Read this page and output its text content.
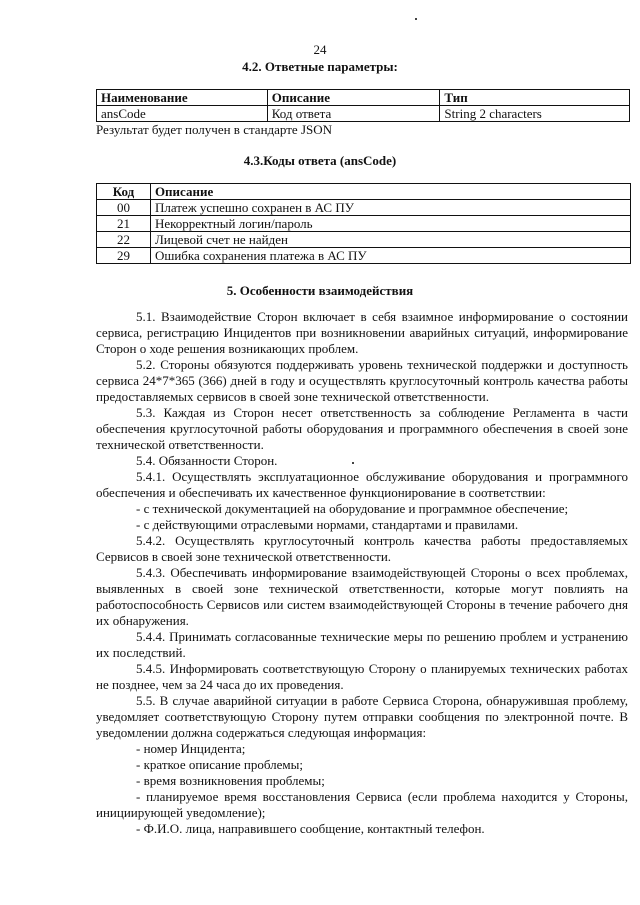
24
4.2. Ответные параметры:
Наименование	Описание	Тип
ansCode	Код ответа	String 2 characters
Результат будет получен в стандарте JSON
4.3.Коды ответа (ansCode)
Код	Описание
00	Платеж успешно сохранен в АС ПУ
21	Некорректный логин/пароль
22	Лицевой счет не найден
29	Ошибка сохранения платежа в АС ПУ
5. Особенности взаимодействия

5.1. Взаимодействие Сторон включает в себя взаимное информирование о состоянии сервиса, регистрацию Инцидентов при возникновении аварийных ситуаций, информирование Сторон о ходе решения возникающих проблем.

5.2. Стороны обязуются поддерживать уровень технической поддержки и доступность сервиса 24*7*365 (366) дней в году и осуществлять круглосуточный контроль качества работы предоставляемых сервисов в своей зоне технической ответственности.

5.3. Каждая из Сторон несет ответственность за соблюдение Регламента в части обеспечения круглосуточной работы оборудования и программного обеспечения в своей зоне технической ответственности.

5.4. Обязанности Сторон.

5.4.1. Осуществлять эксплуатационное обслуживание оборудования и программного обеспечения и обеспечивать их качественное функционирование в соответствии:

- с технической документацией на оборудование и программное обеспечение;

- с действующими отраслевыми нормами, стандартами и правилами.

5.4.2. Осуществлять круглосуточный контроль качества работы предоставляемых Сервисов в своей зоне технической ответственности.

5.4.3. Обеспечивать информирование взаимодействующей Стороны о всех проблемах, выявленных в своей зоне технической ответственности, которые могут повлиять на работоспособность Сервисов или систем взаимодействующей Стороны в течение рабочего дня их обнаружения.

5.4.4. Принимать согласованные технические меры по решению проблем и устранению их последствий.

5.4.5. Информировать соответствующую Сторону о планируемых технических работах не позднее, чем за 24 часа до их проведения.

5.5. В случае аварийной ситуации в работе Сервиса Сторона, обнаружившая проблему, уведомляет соответствующую Сторону путем отправки сообщения по электронной почте. В уведомлении должна содержаться следующая информация:

- номер Инцидента;

- краткое описание проблемы;

- время возникновения проблемы;

- планируемое время восстановления Сервиса (если проблема находится у Стороны, инициирующей уведомление);

- Ф.И.О. лица, направившего сообщение, контактный телефон.
